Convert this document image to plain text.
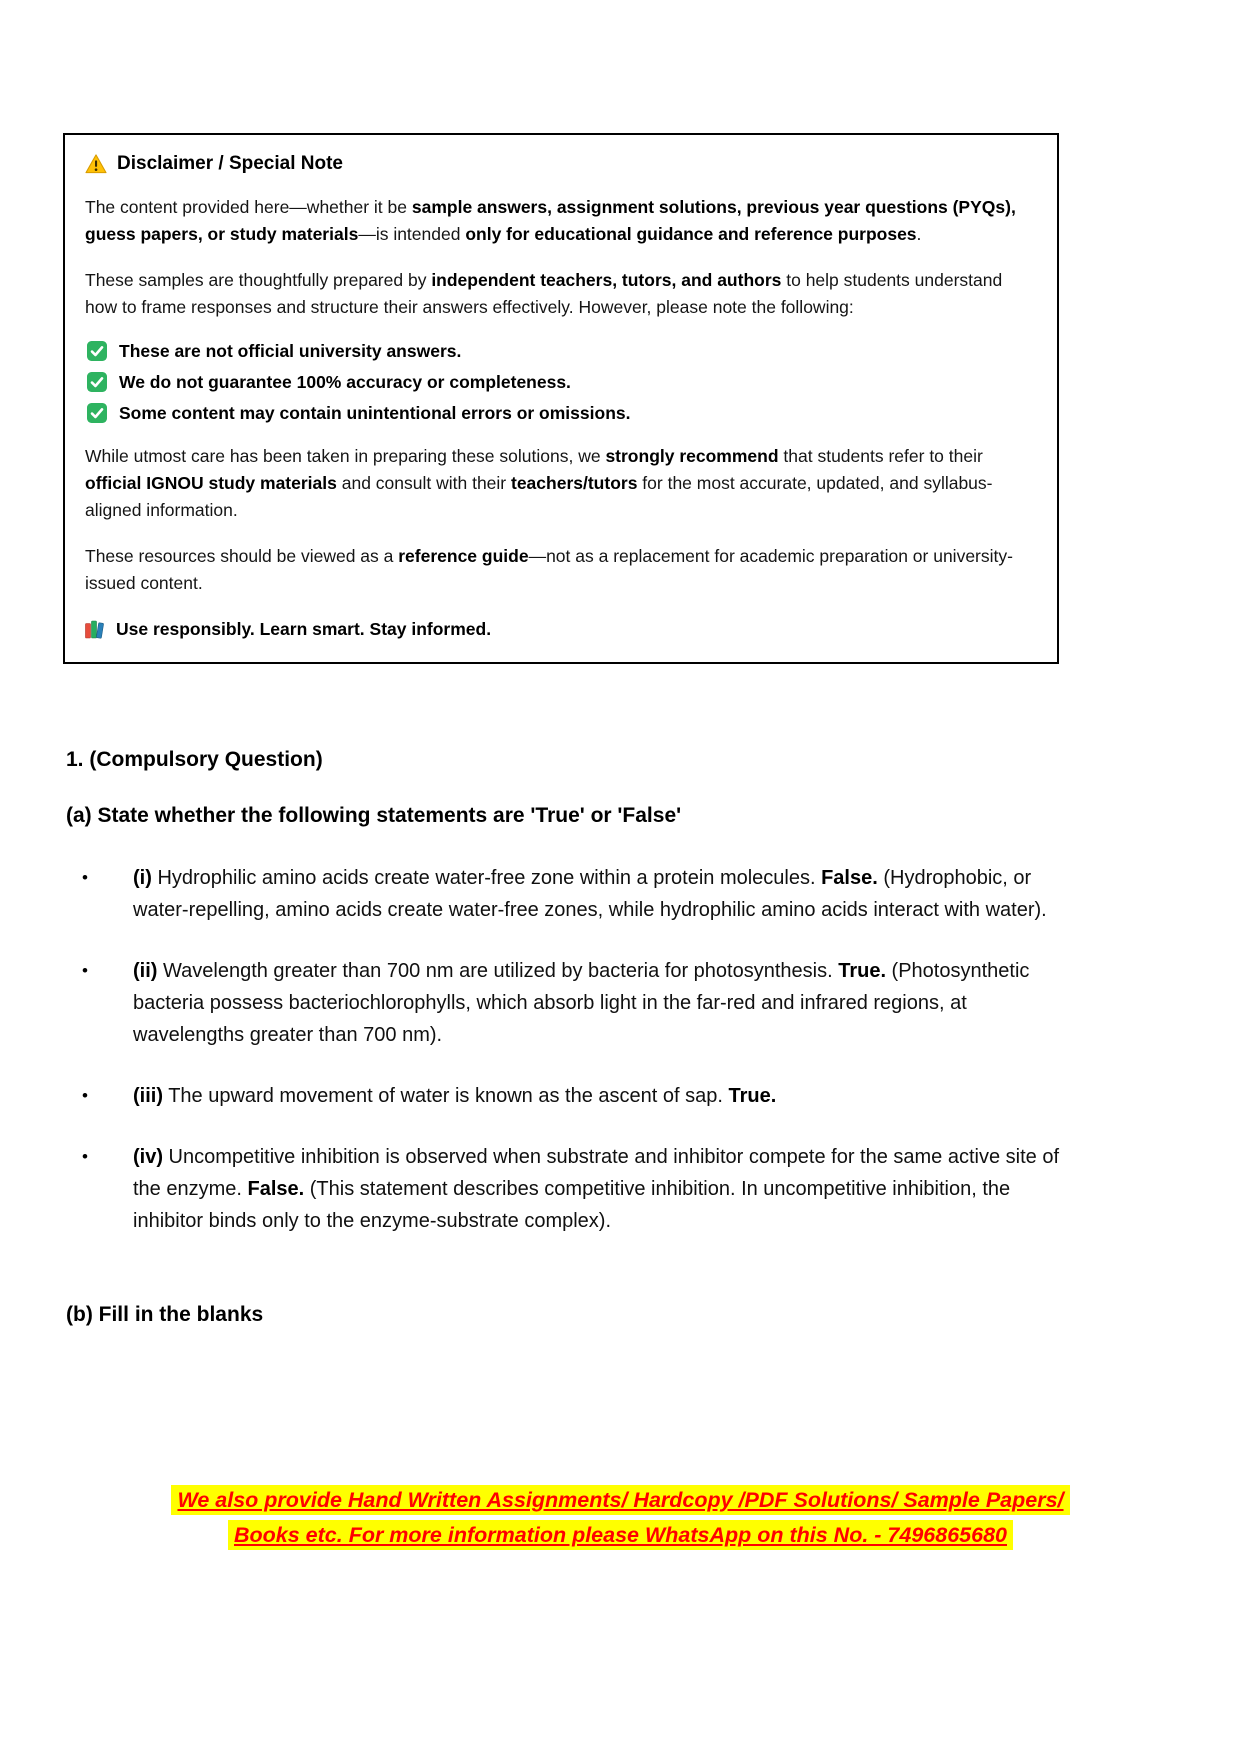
Disclaimer / Special Note

The content provided here—whether it be sample answers, assignment solutions, previous year questions (PYQs), guess papers, or study materials—is intended only for educational guidance and reference purposes.

These samples are thoughtfully prepared by independent teachers, tutors, and authors to help students understand how to frame responses and structure their answers effectively. However, please note the following:

These are not official university answers.
We do not guarantee 100% accuracy or completeness.
Some content may contain unintentional errors or omissions.

While utmost care has been taken in preparing these solutions, we strongly recommend that students refer to their official IGNOU study materials and consult with their teachers/tutors for the most accurate, updated, and syllabus-aligned information.

These resources should be viewed as a reference guide—not as a replacement for academic preparation or university-issued content.

Use responsibly. Learn smart. Stay informed.
1. (Compulsory Question)
(a) State whether the following statements are 'True' or 'False'
•	(i) Hydrophilic amino acids create water-free zone within a protein molecules. False. (Hydrophobic, or water-repelling, amino acids create water-free zones, while hydrophilic amino acids interact with water).
•	(ii) Wavelength greater than 700 nm are utilized by bacteria for photosynthesis. True. (Photosynthetic bacteria possess bacteriochlorophylls, which absorb light in the far-red and infrared regions, at wavelengths greater than 700 nm).
•	(iii) The upward movement of water is known as the ascent of sap. True.
•	(iv) Uncompetitive inhibition is observed when substrate and inhibitor compete for the same active site of the enzyme. False. (This statement describes competitive inhibition. In uncompetitive inhibition, the inhibitor binds only to the enzyme-substrate complex).
(b) Fill in the blanks
We also provide Hand Written Assignments/ Hardcopy /PDF Solutions/ Sample Papers/
Books etc. For more information please WhatsApp on this No. - 7496865680
